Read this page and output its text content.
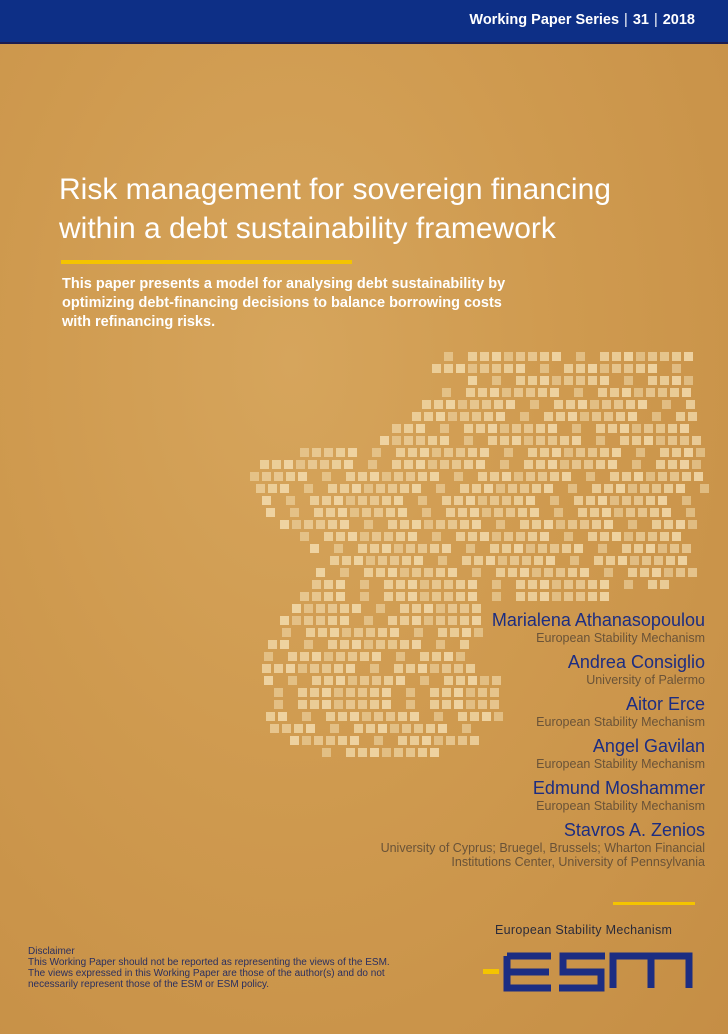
Working Paper Series | 31 | 2018
Risk management for sovereign financing
within a debt sustainability framework

This paper presents a model for analysing debt sustainability by
optimizing debt-financing decisions to balance borrowing costs
with refinancing risks.

Marialena Athanasopoulou
European Stability Mechanism
Andrea Consiglio
University of Palermo
Aitor Erce
European Stability Mechanism
Angel Gavilan
European Stability Mechanism
Edmund Moshammer
European Stability Mechanism
Stavros A. Zenios
University of Cyprus; Bruegel, Brussels; Wharton Financial
Institutions Center, University of Pennsylvania
European Stability Mechanism
esm
Disclaimer
This Working Paper should not be reported as representing the views of the ESM.
The views expressed in this Working Paper are those of the author(s) and do not
necessarily represent those of the ESM or ESM policy.
